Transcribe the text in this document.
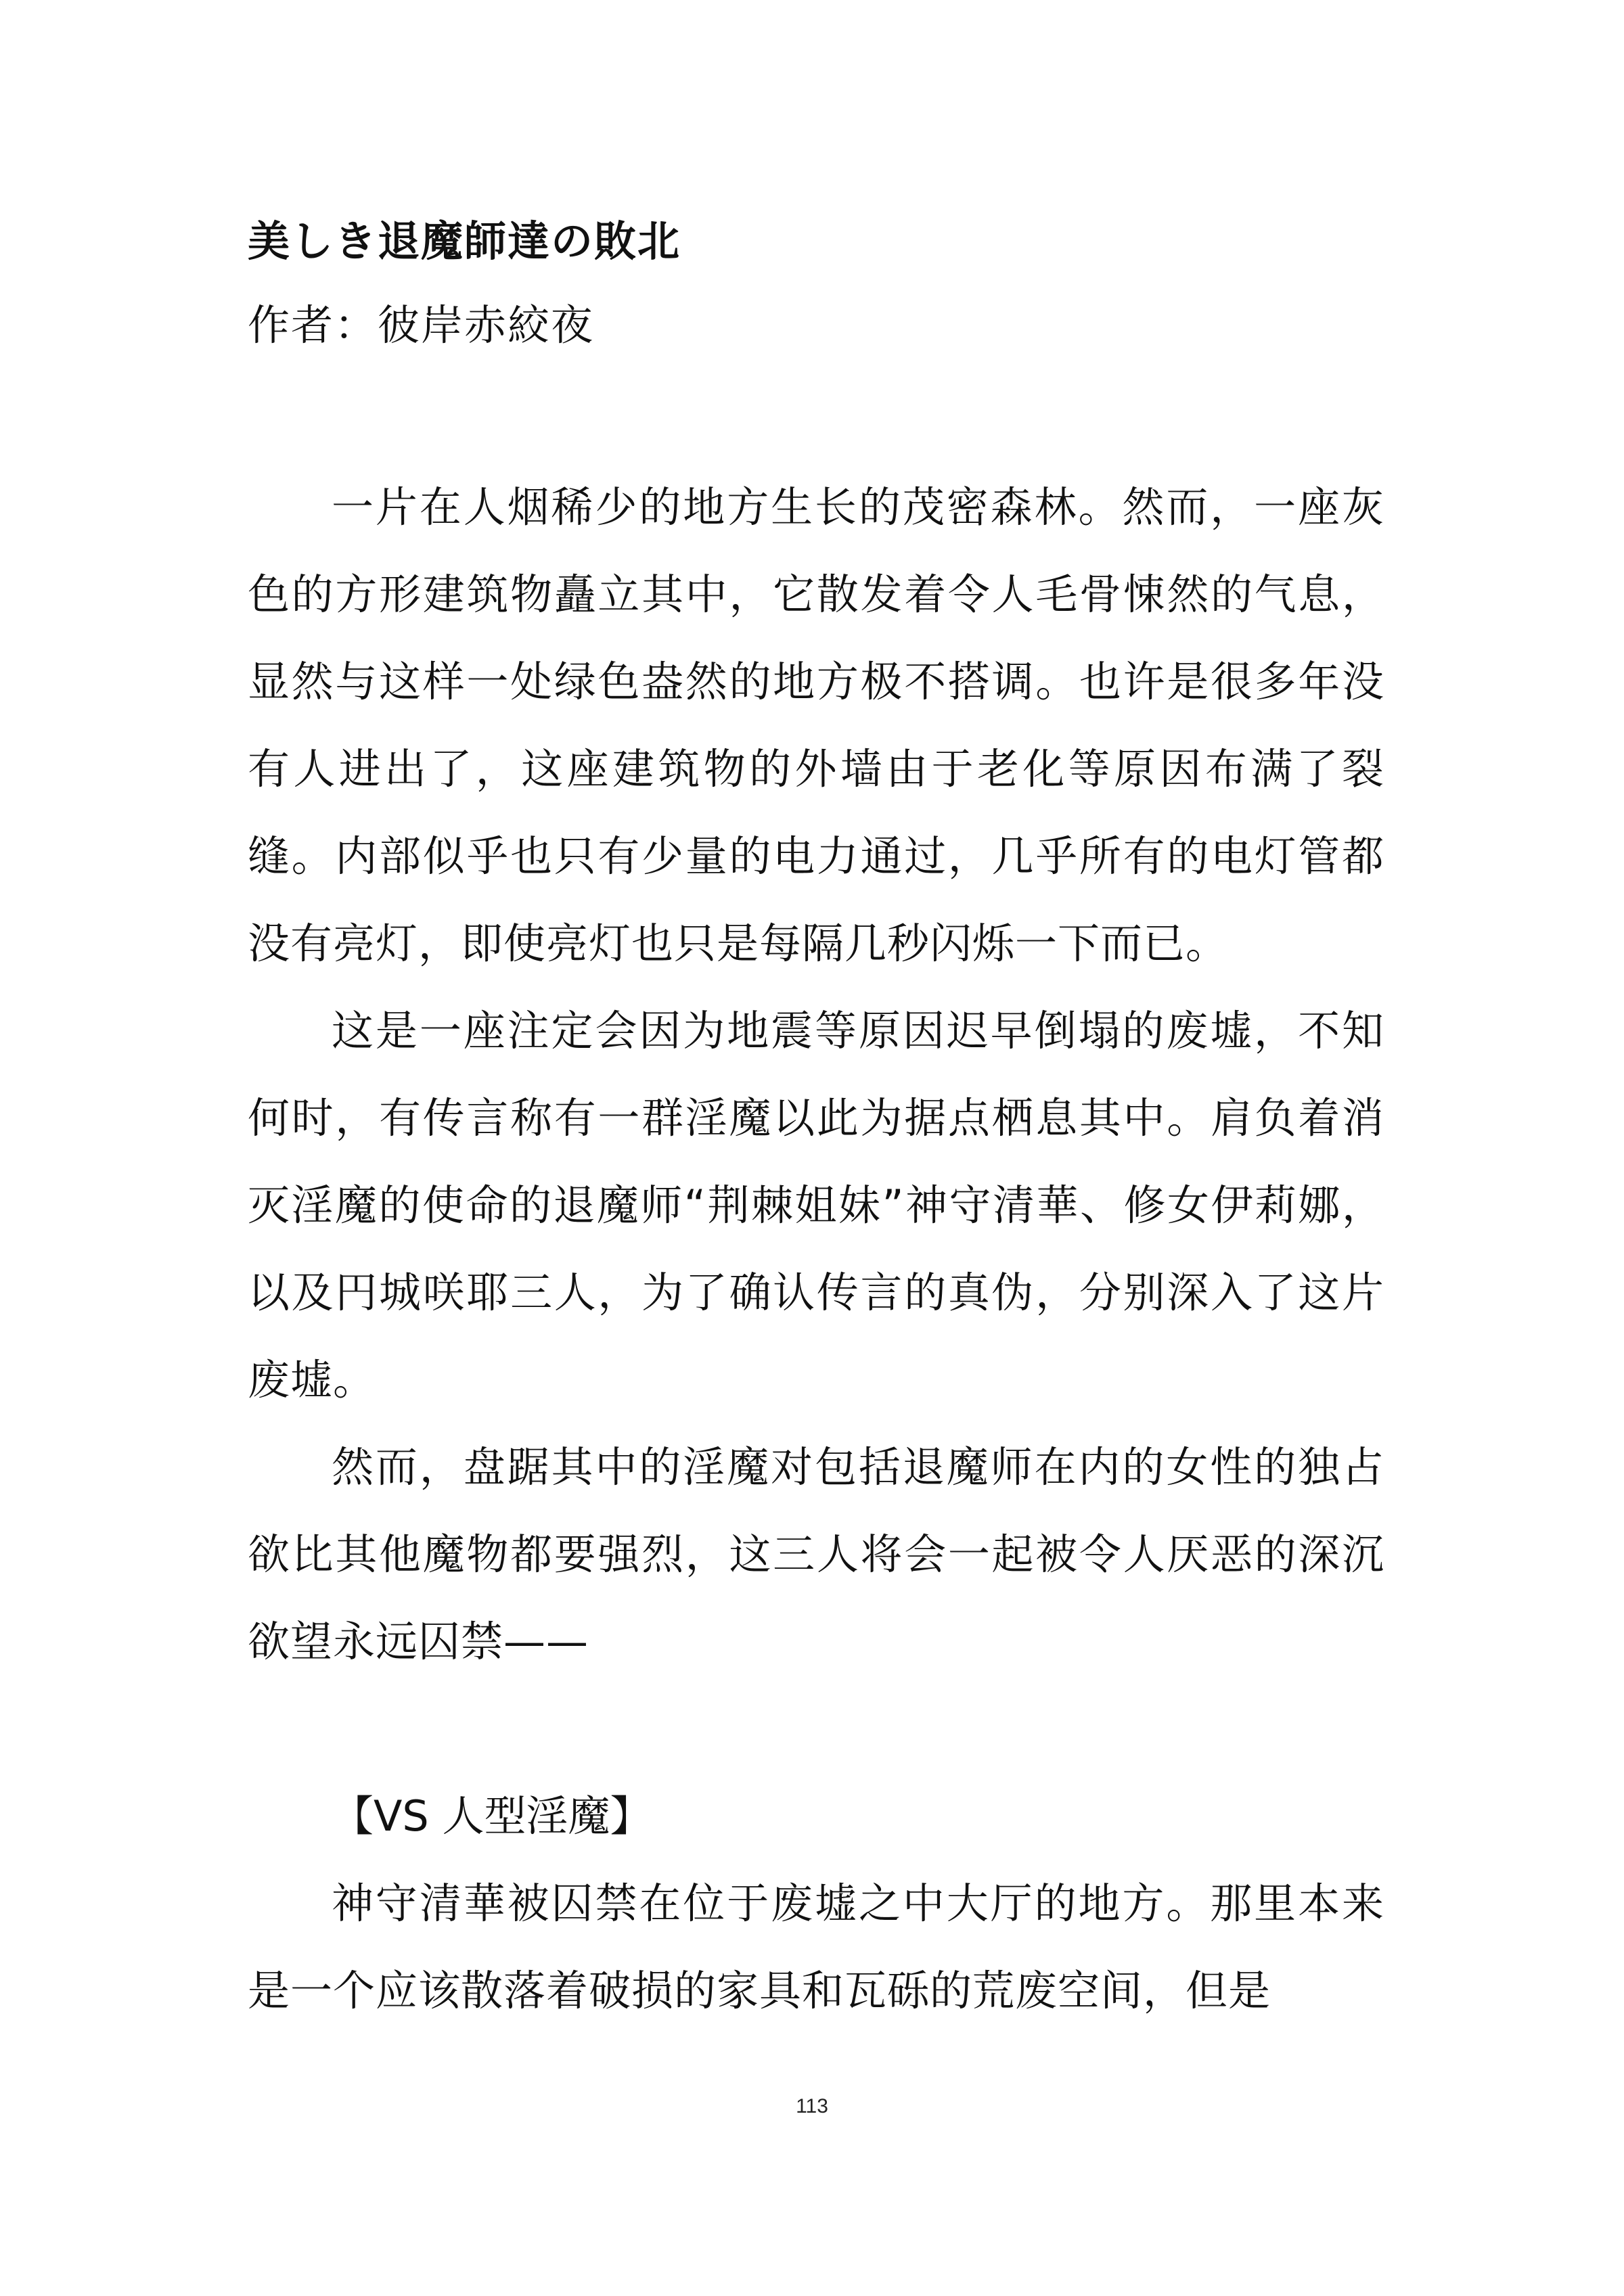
美しき退魔師達の敗北
作者：彼岸赤絞夜

一片在人烟稀少的地方生长的茂密森林。然而，一座灰色的方形建筑物矗立其中，它散发着令人毛骨悚然的气息，显然与这样一处绿色盎然的地方极不搭调。也许是很多年没有人进出了，这座建筑物的外墙由于老化等原因布满了裂缝。内部似乎也只有少量的电力通过，几乎所有的电灯管都没有亮灯，即使亮灯也只是每隔几秒闪烁一下而已。

这是一座注定会因为地震等原因迟早倒塌的废墟，不知何时，有传言称有一群淫魔以此为据点栖息其中。肩负着消灭淫魔的使命的退魔师“荆棘姐妹”神守清華、修女伊莉娜，以及円城咲耶三人，为了确认传言的真伪，分别深入了这片废墟。

然而，盘踞其中的淫魔对包括退魔师在内的女性的独占欲比其他魔物都要强烈，这三人将会一起被令人厌恶的深沉欲望永远囚禁——

【VS 人型淫魔】

神守清華被囚禁在位于废墟之中大厅的地方。那里本来是一个应该散落着破损的家具和瓦砾的荒废空间，但是

113
